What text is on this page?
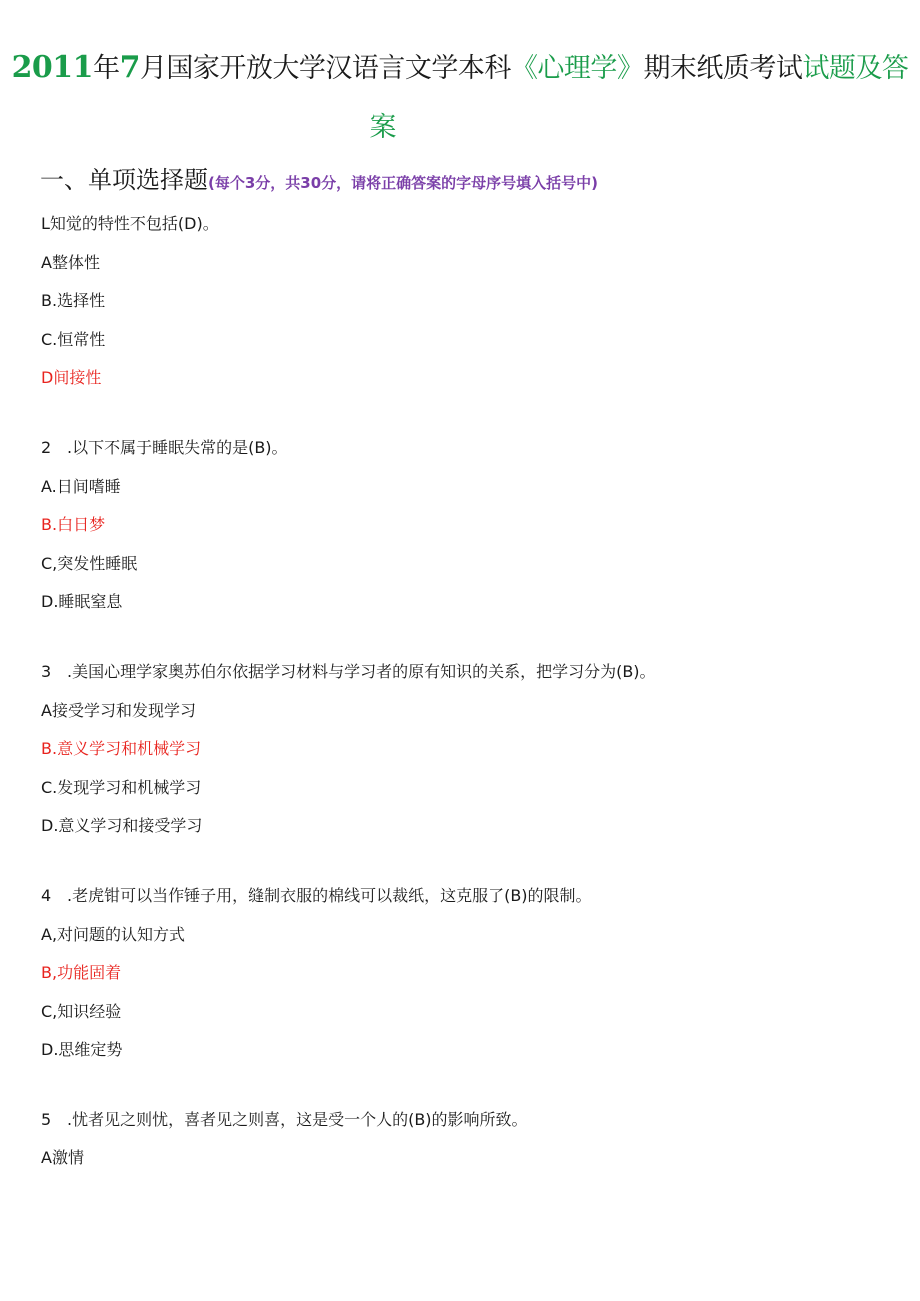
2011年7月国家开放大学汉语言文学本科《心理学》期末纸质考试试题及答
案
一、单项选择题(每个3分，共30分，请将正确答案的字母序号填入括号中)
L知觉的特性不包括(D)。
A整体性
B.选择性
C.恒常性
D间接性
2 .以下不属于睡眠失常的是(B)。
A.日间嗜睡
B.白日梦
C,突发性睡眠
D.睡眠窒息
3 .美国心理学家奥苏伯尔依据学习材料与学习者的原有知识的关系，把学习分为(B)。
A接受学习和发现学习
B.意义学习和机械学习
C.发现学习和机械学习
D.意义学习和接受学习
4 .老虎钳可以当作锤子用，缝制衣服的棉线可以裁纸，这克服了(B)的限制。
A,对问题的认知方式
B,功能固着
C,知识经验
D.思维定势
5 .忧者见之则忧，喜者见之则喜，这是受一个人的(B)的影响所致。
A激情
